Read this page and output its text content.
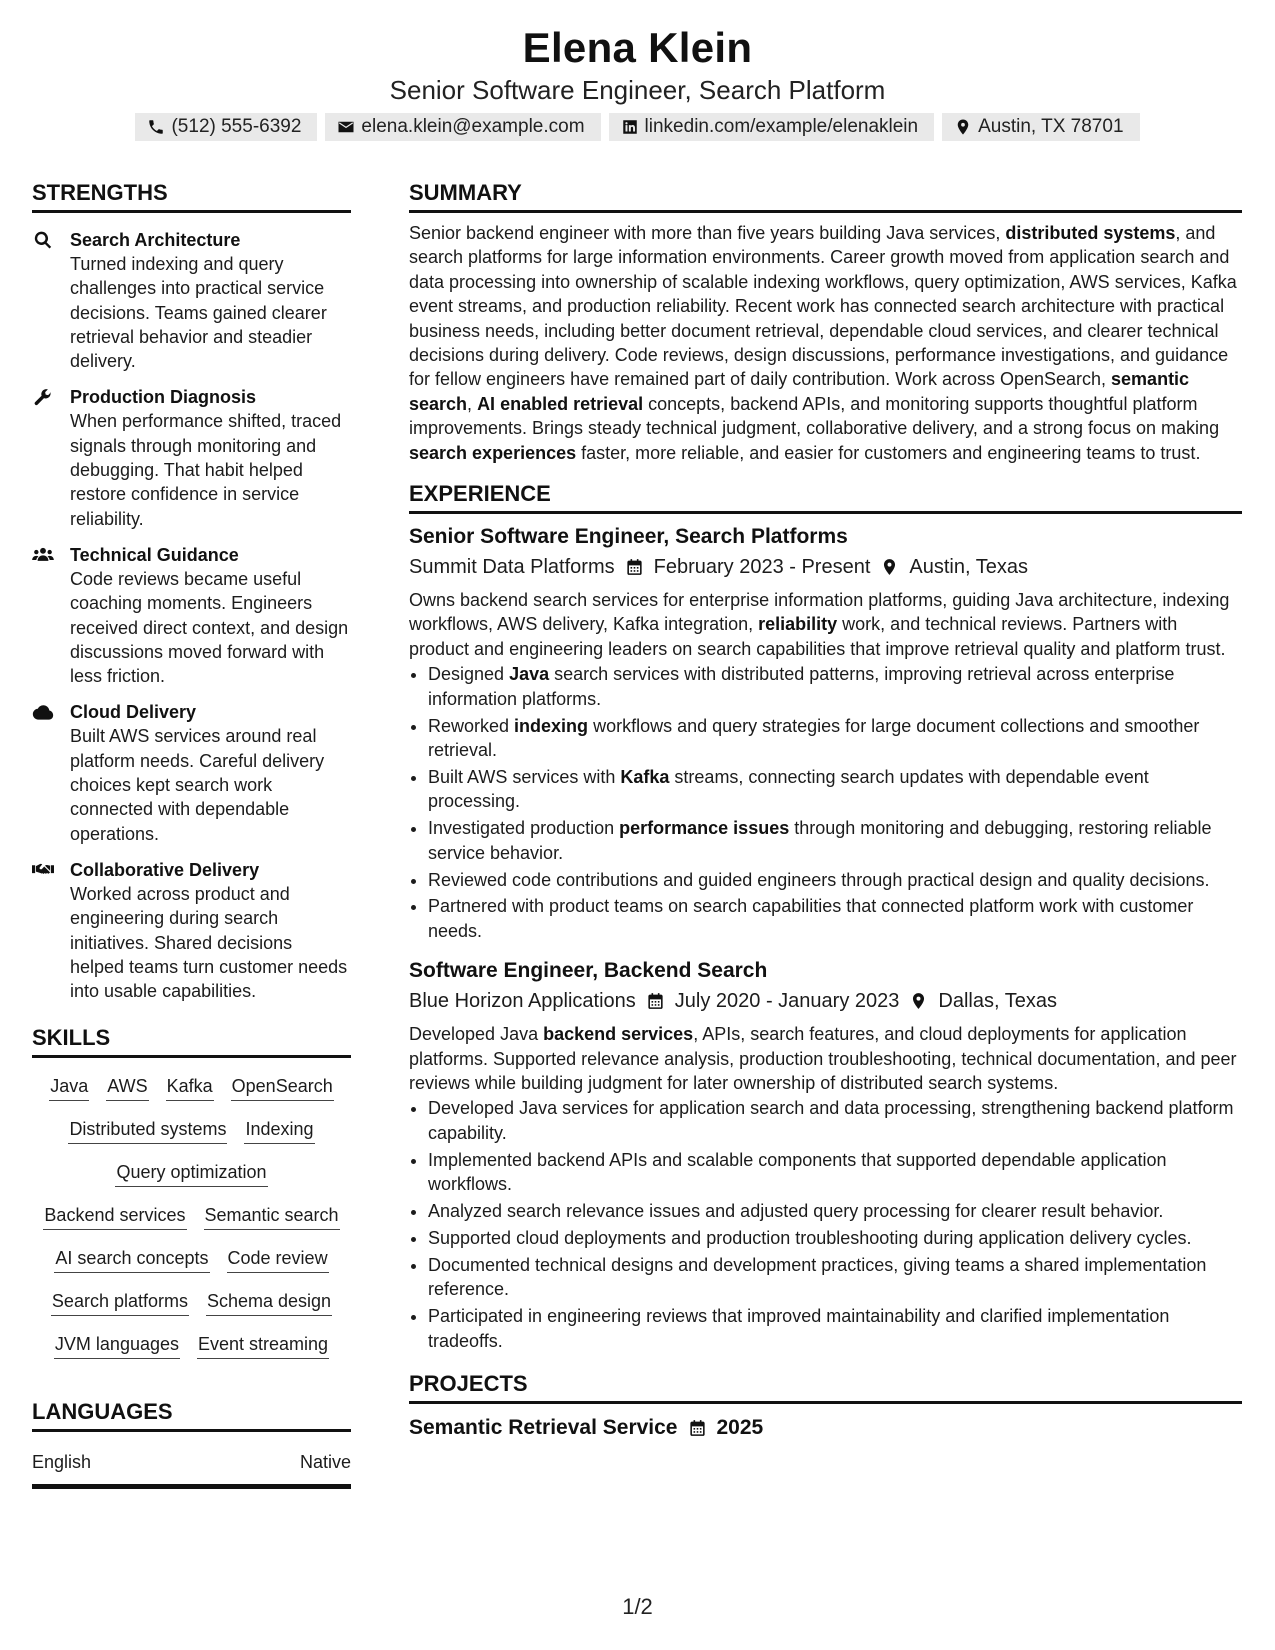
Elena Klein
Senior Software Engineer, Search Platform
(512) 555-6392	elena.klein@example.com	linkedin.com/example/elenaklein	Austin, TX 78701
STRENGTHS
Search Architecture
Turned indexing and query challenges into practical service decisions. Teams gained clearer retrieval behavior and steadier delivery.
Production Diagnosis
When performance shifted, traced signals through monitoring and debugging. That habit helped restore confidence in service reliability.
Technical Guidance
Code reviews became useful coaching moments. Engineers received direct context, and design discussions moved forward with less friction.
Cloud Delivery
Built AWS services around real platform needs. Careful delivery choices kept search work connected with dependable operations.
Collaborative Delivery
Worked across product and engineering during search initiatives. Shared decisions helped teams turn customer needs into usable capabilities.
SKILLS
Java AWS Kafka OpenSearch
Distributed systems Indexing
Query optimization
Backend services Semantic search
AI search concepts Code review
Search platforms Schema design
JVM languages Event streaming
LANGUAGES
English	Native
SUMMARY
Senior backend engineer with more than five years building Java services, distributed systems, and search platforms for large information environments. Career growth moved from application search and data processing into ownership of scalable indexing workflows, query optimization, AWS services, Kafka event streams, and production reliability. Recent work has connected search architecture with practical business needs, including better document retrieval, dependable cloud services, and clearer technical decisions during delivery. Code reviews, design discussions, performance investigations, and guidance for fellow engineers have remained part of daily contribution. Work across OpenSearch, semantic search, AI enabled retrieval concepts, backend APIs, and monitoring supports thoughtful platform improvements. Brings steady technical judgment, collaborative delivery, and a strong focus on making search experiences faster, more reliable, and easier for customers and engineering teams to trust.
EXPERIENCE
Senior Software Engineer, Search Platforms
Summit Data Platforms February 2023 - Present Austin, Texas
Owns backend search services for enterprise information platforms, guiding Java architecture, indexing workflows, AWS delivery, Kafka integration, reliability work, and technical reviews. Partners with product and engineering leaders on search capabilities that improve retrieval quality and platform trust.
• Designed Java search services with distributed patterns, improving retrieval across enterprise information platforms.
• Reworked indexing workflows and query strategies for large document collections and smoother retrieval.
• Built AWS services with Kafka streams, connecting search updates with dependable event processing.
• Investigated production performance issues through monitoring and debugging, restoring reliable service behavior.
• Reviewed code contributions and guided engineers through practical design and quality decisions.
• Partnered with product teams on search capabilities that connected platform work with customer needs.
Software Engineer, Backend Search
Blue Horizon Applications July 2020 - January 2023 Dallas, Texas
Developed Java backend services, APIs, search features, and cloud deployments for application platforms. Supported relevance analysis, production troubleshooting, technical documentation, and peer reviews while building judgment for later ownership of distributed search systems.
• Developed Java services for application search and data processing, strengthening backend platform capability.
• Implemented backend APIs and scalable components that supported dependable application workflows.
• Analyzed search relevance issues and adjusted query processing for clearer result behavior.
• Supported cloud deployments and production troubleshooting during application delivery cycles.
• Documented technical designs and development practices, giving teams a shared implementation reference.
• Participated in engineering reviews that improved maintainability and clarified implementation tradeoffs.
PROJECTS
Semantic Retrieval Service 2025
1/2
